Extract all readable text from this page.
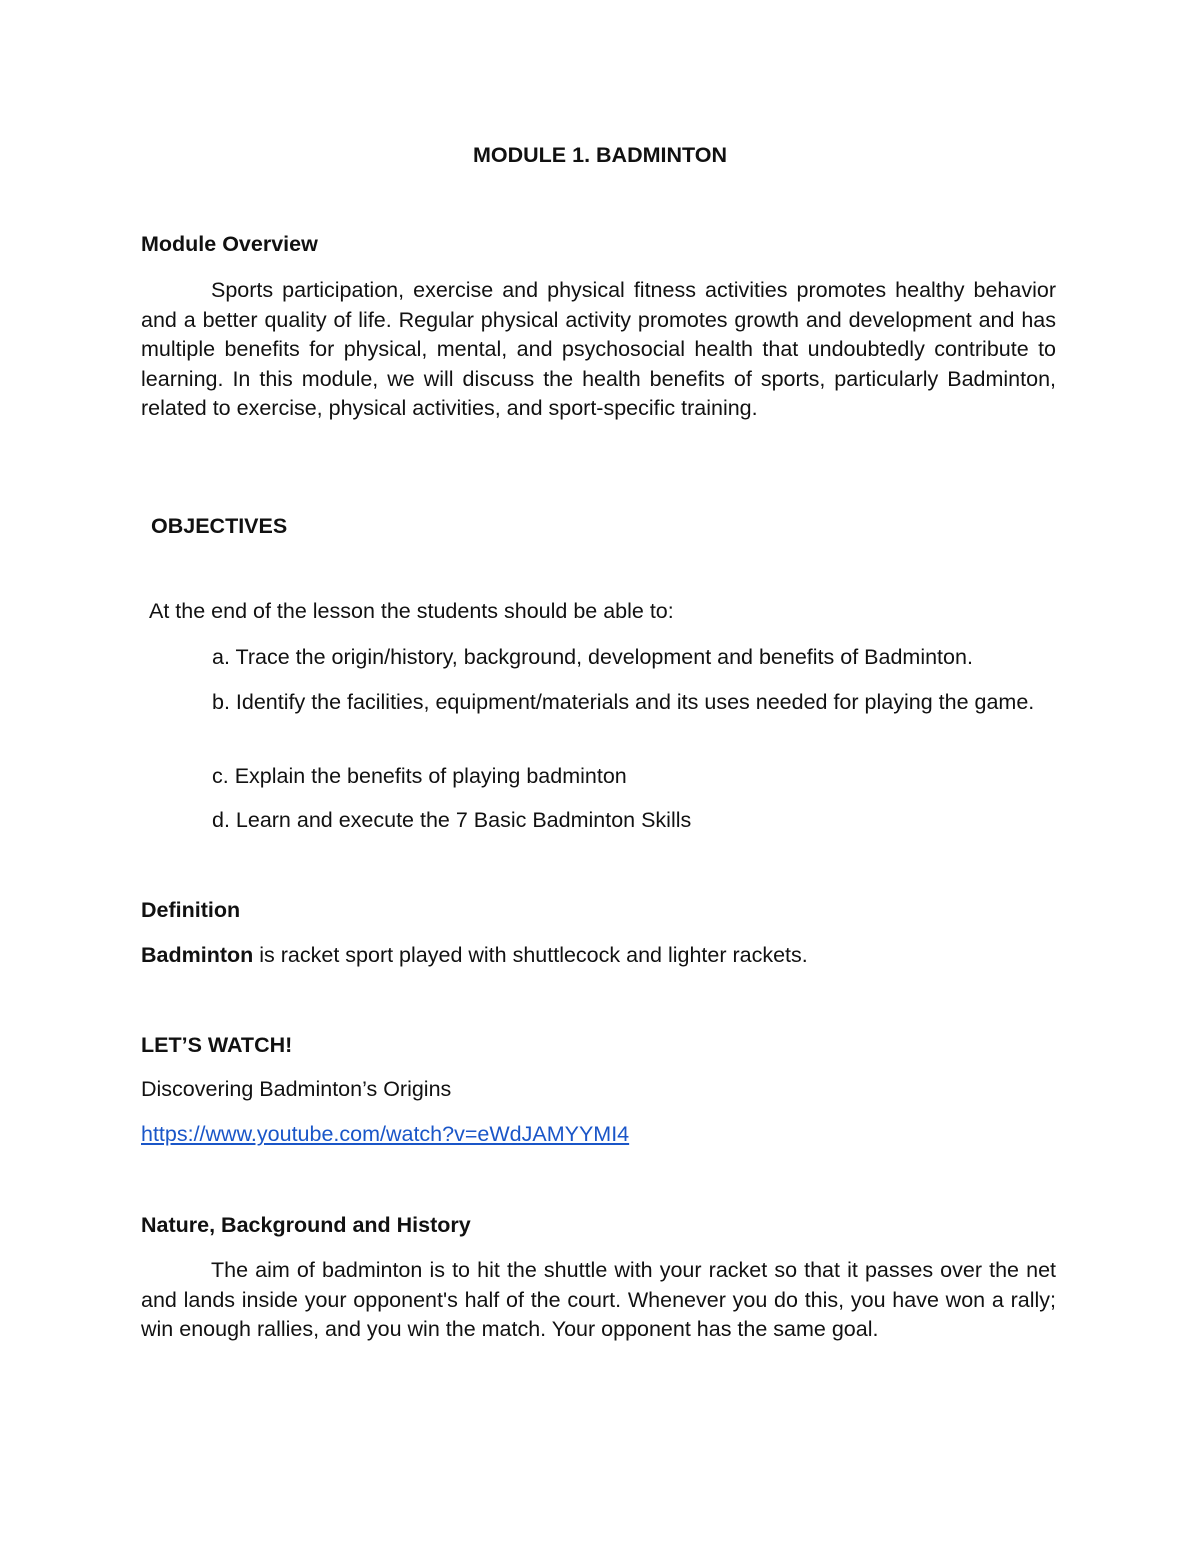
MODULE 1. BADMINTON
Module Overview
Sports participation, exercise and physical fitness activities promotes healthy behavior and a better quality of life. Regular physical activity promotes growth and development and has multiple benefits for physical, mental, and psychosocial health that undoubtedly contribute to learning. In this module, we will discuss the health benefits of sports, particularly Badminton, related to exercise, physical activities, and sport-specific training.
OBJECTIVES
At the end of the lesson the students should be able to:
a. Trace the origin/history, background, development and benefits of Badminton.
b. Identify the facilities, equipment/materials and its uses needed for playing the game.
c. Explain the benefits of playing badminton
d. Learn and execute the 7 Basic Badminton Skills
Definition
Badminton is racket sport played with shuttlecock and lighter rackets.
LET’S WATCH!
Discovering Badminton’s Origins
https://www.youtube.com/watch?v=eWdJAMYYMI4
Nature, Background and History
The aim of badminton is to hit the shuttle with your racket so that it passes over the net and lands inside your opponent's half of the court. Whenever you do this, you have won a rally; win enough rallies, and you win the match. Your opponent has the same goal.
